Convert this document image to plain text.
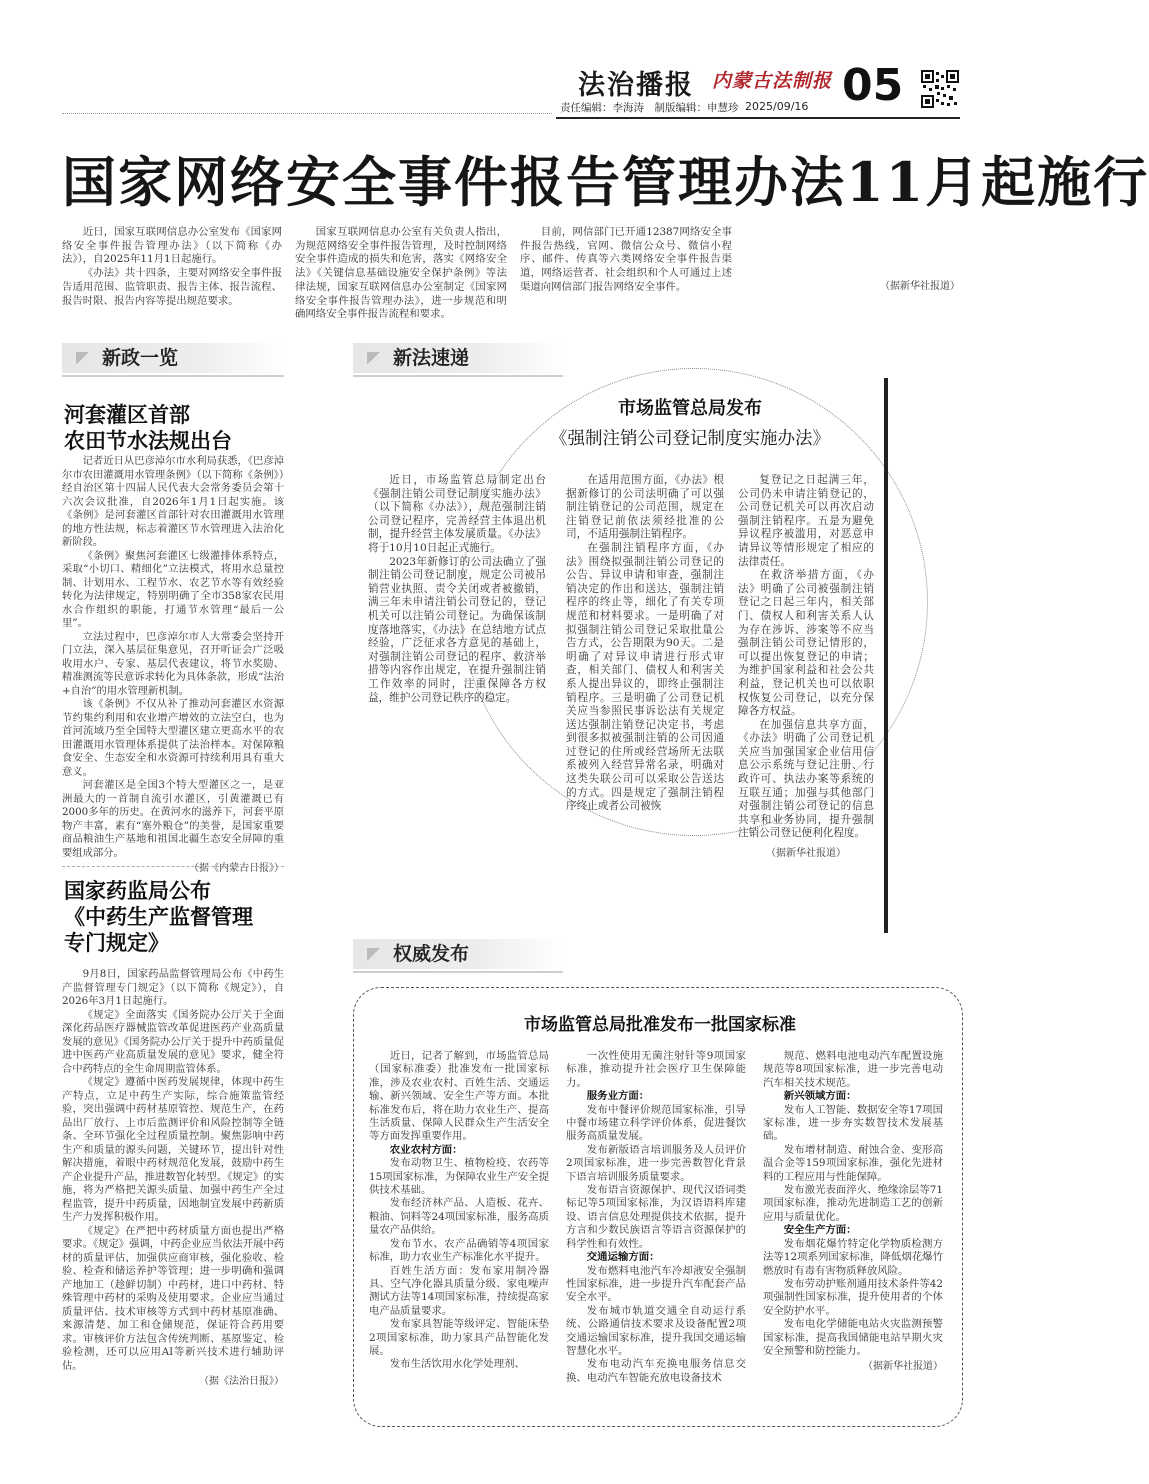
法治播报 内蒙古法制报 05
责任编辑：李海涛　制版编辑：申慧珍 2025/09/16
国家网络安全事件报告管理办法11月起施行

近日，国家互联网信息办公室发布《国家网络安全事件报告管理办法》（以下简称《办法》），自2025年11月1日起施行。

《办法》共十四条，主要对网络安全事件报告适用范围、监管职责、报告主体、报告流程、报告时限、报告内容等提出规范要求。

国家互联网信息办公室有关负责人指出，为规范网络安全事件报告管理，及时控制网络安全事件造成的损失和危害，落实《网络安全法》《关键信息基础设施安全保护条例》等法律法规，国家互联网信息办公室制定《国家网络安全事件报告管理办法》，进一步规范和明确网络安全事件报告流程和要求。

目前，网信部门已开通12387网络安全事件报告热线，官网、微信公众号、微信小程序、邮件、传真等六类网络安全事件报告渠道，网络运营者、社会组织和个人可通过上述渠道向网信部门报告网络安全事件。	（据新华社报道）
新政一览
河套灌区首部
农田节水法规出台

记者近日从巴彦淖尔市水利局获悉，《巴彦淖尔市农田灌溉用水管理条例》（以下简称《条例》）经自治区第十四届人民代表大会常务委员会第十六次会议批准，自2026年1月1日起实施。该《条例》是河套灌区首部针对农田灌溉用水管理的地方性法规，标志着灌区节水管理进入法治化新阶段。

《条例》聚焦河套灌区七级灌排体系特点，采取“小切口、精细化”立法模式，将用水总量控制、计划用水、工程节水、农艺节水等有效经验转化为法律规定，特别明确了全市358家农民用水合作组织的职能，打通节水管理“最后一公里”。

立法过程中，巴彦淖尔市人大常委会坚持开门立法，深入基层征集意见，召开听证会广泛吸收用水户、专家、基层代表建议，将节水奖励、精准测流等民意诉求转化为具体条款，形成“法治+自治”的用水管理新机制。

该《条例》不仅从补了推动河套灌区水资源节约集约利用和农业增产增效的立法空白，也为首河流域乃至全国特大型灌区建立更高水平的农田灌溉用水管理体系提供了法治样本。对保障粮食安全、生态安全和水资源可持续利用具有重大意义。

河套灌区是全国3个特大型灌区之一，是亚洲最大的一首制自流引水灌区，引黄灌溉已有2000多年的历史。在黄河水的滋养下，河套平原物产丰富，素有“塞外粮仓”的美誉，是国家重要商品粮油生产基地和祖国北疆生态安全屏障的重要组成部分。

（据《内蒙古日报》）
国家药监局公布
《中药生产监督管理
专门规定》

9月8日，国家药品监督管理局公布《中药生产监督管理专门规定》（以下简称《规定》），自2026年3月1日起施行。

《规定》全面落实《国务院办公厅关于全面深化药品医疗器械监管改革促进医药产业高质量发展的意见》《国务院办公厅关于提升中药质量促进中医药产业高质量发展的意见》要求，健全符合中药特点的全生命周期监管体系。

《规定》遵循中医药发展规律，体现中药生产特点，立足中药生产实际，综合施策监管经验，突出强调中药材基原管控、规范生产，在药品出厂放行、上市后监测评价和风险控制等全链条、全环节强化全过程质量控制。聚焦影响中药生产和质量的源头问题，关键环节，提出针对性解决措施，着眼中药材规范化发展，鼓励中药生产企业提升产品，推进数智化转型。《规定》的实施，将为严格把关源头质量、加强中药生产全过程监管，提升中药质量，因地制宜发展中药新质生产力发挥积极作用。

《规定》在严把中药材质量方面也提出严格要求。《规定》强调，中药企业应当依法开展中药材的质量评估，加强供应商审核，强化验收、检验、检查和储运养护等管理；进一步明确和强调产地加工（趁鲜切制）中药材，进口中药材、特殊管理中药材的采购及使用要求。企业应当通过质量评估、技术审核等方式到中药材基原准确、来源清楚、加工和仓储规范，保证符合药用要求。审核评价方法包含传统判断、基原鉴定、检验检测，还可以应用AI等新兴技术进行辅助评估。

（据《法治日报》）
新法速递
市场监管总局发布
《强制注销公司登记制度实施办法》

近日，市场监管总局制定出台《强制注销公司登记制度实施办法》（以下简称《办法》），规范强制注销公司登记程序，完善经营主体退出机制，提升经营主体发展质量。《办法》将于10月10日起正式施行。

2023年新修订的公司法确立了强制注销公司登记制度，规定公司被吊销营业执照、责令关闭或者被撤销，满三年未申请注销公司登记的，登记机关可以注销公司登记。为确保该制度落地落实，《办法》在总结地方试点经验，广泛征求各方意见的基础上，对强制注销公司登记的程序、救济举措等内容作出规定，在提升强制注销工作效率的同时，注重保障各方权益，维护公司登记秩序的稳定。

在适用范围方面，《办法》根据新修订的公司法明确了可以强制注销登记的公司范围，规定在注销登记前依法须经批准的公司，不适用强制注销程序。

在强制注销程序方面，《办法》围绕拟强制注销公司登记的公告、异议申请和审查，强制注销决定的作出和送达，强制注销程序的终止等，细化了有关专项规范和材料要求。一是明确了对拟强制注销公司登记采取批量公告方式，公告期限为90天。二是明确了对异议申请进行形式审查，相关部门、债权人和利害关系人提出异议的，即终止强制注销程序。三是明确了公司登记机关应当参照民事诉讼法有关规定送达强制注销登记决定书，考虑到很多拟被强制注销的公司因通过登记的住所或经营场所无法联系被列入经营异常名录，明确对这类失联公司可以采取公告送达的方式。四是规定了强制注销程序终止或者公司被恢

复登记之日起满三年，公司仍未申请注销登记的，公司登记机关可以再次启动强制注销程序。五是为避免异议程序被滥用，对恶意申请异议等情形规定了相应的法律责任。

在救济举措方面，《办法》明确了公司被强制注销登记之日起三年内，相关部门、债权人和利害关系人认为存在涉诉、涉案等不应当强制注销公司登记情形的，可以提出恢复登记的申请；为维护国家利益和社会公共利益，登记机关也可以依职权恢复公司登记，以充分保障各方权益。

在加强信息共享方面，《办法》明确了公司登记机关应当加强国家企业信用信息公示系统与登记注册、行政许可、执法办案等系统的互联互通；加强与其他部门对强制注销公司登记的信息共享和业务协同，提升强制注销公司登记便利化程度。

（据新华社报道）
权威发布
市场监管总局批准发布一批国家标准

近日，记者了解到，市场监管总局（国家标准委）批准发布一批国家标准，涉及农业农村、百姓生活、交通运输、新兴领域、安全生产等方面。本批标准发布后，将在助力农业生产、提高生活质量、保障人民群众生产生活安全等方面发挥重要作用。

农业农村方面：

发布动物卫生、植物检疫、农药等15项国家标准，为保障农业生产安全提供技术基础。

发布经济林产品、人造板、花卉、粮油、饲料等24项国家标准，服务高质量农产品供给。

发布节水、农产品确销等4项国家标准，助力农业生产标准化水平提升。

百姓生活方面：发布家用制冷器具、空气净化器具质量分级、家电噪声测试方法等14项国家标准，持续提高家电产品质量要求。

发布家具智能等级评定、智能床垫2项国家标准，助力家具产品智能化发展。

发布生活饮用水化学处理剂、

一次性使用无菌注射针等9项国家标准，推动提升社会医疗卫生保障能力。

服务业方面：

发布中餐评价规范国家标准，引导中餐市场建立科学评价体系，促进餐饮服务高质量发展。

发布新版语言培训服务及人员评价2项国家标准，进一步完善数智化背景下语言培训服务质量要求。

发布语言资源保护、现代汉语词类标记等5项国家标准，为汉语语料库建设、语言信息处理提供技术依据，提升方言和少数民族语言等语言资源保护的科学性和有效性。

交通运输方面：

发布燃料电池汽车冷却液安全强制性国家标准，进一步提升汽车配套产品安全水平。

发布城市轨道交通全自动运行系统、公路通信技术要求及设备配置2项交通运输国家标准，提升我国交通运输智慧化水平。

发布电动汽车充换电服务信息交换、电动汽车智能充放电设备技术

规范、燃料电池电动汽车配置设施规范等8项国家标准，进一步完善电动汽车相关技术规范。

新兴领域方面：

发布人工智能、数据安全等17项国家标准，进一步夯实数智技术发展基础。

发布增材制造、耐蚀合金、变形高温合金等159项国家标准，强化先进材料的工程应用与性能保障。

发布激光表面淬火、绝缘涂层等71项国家标准，推动先进制造工艺的创新应用与质量优化。

安全生产方面：

发布烟花爆竹特定化学物质检测方法等12项系列国家标准，降低烟花爆竹燃放时有毒有害物质释放风险。

发布劳动护账剂通用技术条件等42项强制性国家标准，提升使用者的个体安全防护水平。

发布电化学储能电站火灾监测预警国家标准，提高我国储能电站早期火灾安全预警和防控能力。

（据新华社报道）
